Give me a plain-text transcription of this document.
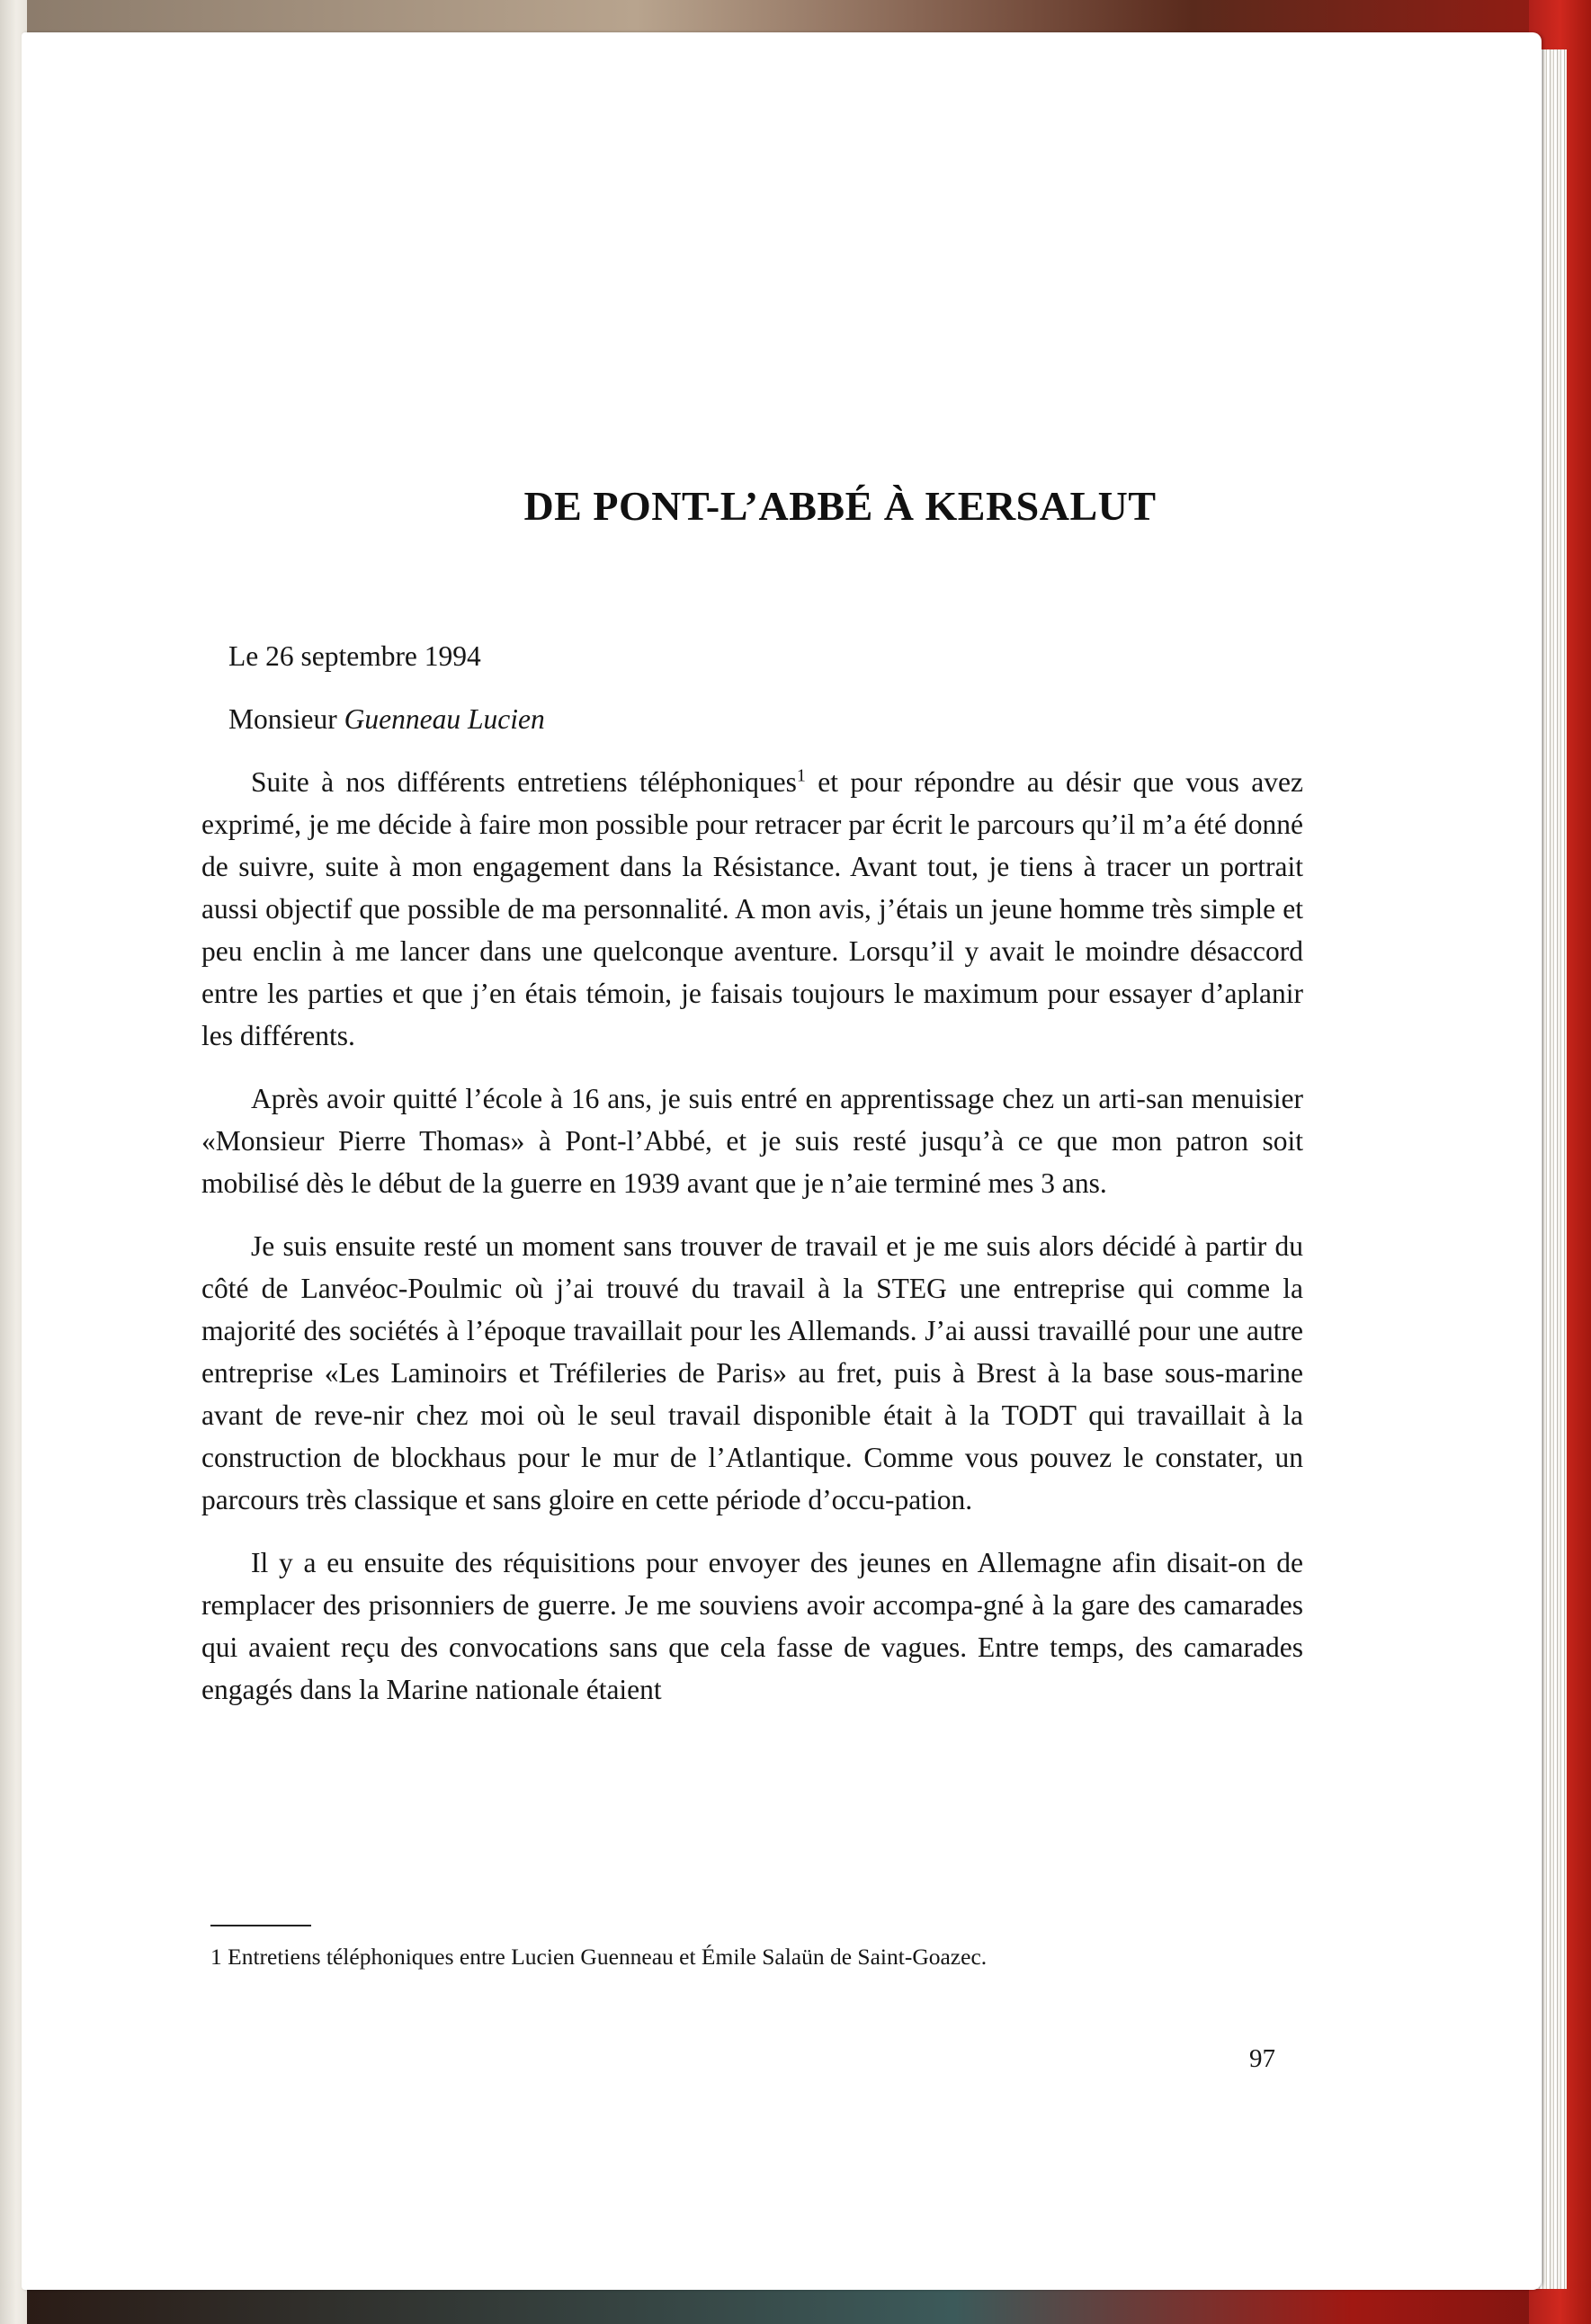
DE PONT-L’ABBÉ À KERSALUT

Le 26 septembre 1994

Monsieur Guenneau Lucien

Suite à nos différents entretiens téléphoniques$^1$ et pour répondre au désir que vous avez exprimé, je me décide à faire mon possible pour retracer par écrit le parcours qu’il m’a été donné de suivre, suite à mon engagement dans la Résistance. Avant tout, je tiens à tracer un portrait aussi objectif que possible de ma personnalité. A mon avis, j’étais un jeune homme très simple et peu enclin à me lancer dans une quelconque aventure. Lorsqu’il y avait le moindre désaccord entre les parties et que j’en étais témoin, je faisais toujours le maximum pour essayer d’aplanir les différents.

Après avoir quitté l’école à 16 ans, je suis entré en apprentissage chez un arti-san menuisier «Monsieur Pierre Thomas» à Pont-l’Abbé, et je suis resté jusqu’à ce que mon patron soit mobilisé dès le début de la guerre en 1939 avant que je n’aie terminé mes 3 ans.

Je suis ensuite resté un moment sans trouver de travail et je me suis alors décidé à partir du côté de Lanvéoc-Poulmic où j’ai trouvé du travail à la STEG une entreprise qui comme la majorité des sociétés à l’époque travaillait pour les Allemands. J’ai aussi travaillé pour une autre entreprise «Les Laminoirs et Tréfileries de Paris» au fret, puis à Brest à la base sous-marine avant de reve-nir chez moi où le seul travail disponible était à la TODT qui travaillait à la construction de blockhaus pour le mur de l’Atlantique. Comme vous pouvez le constater, un parcours très classique et sans gloire en cette période d’occu-pation.

Il y a eu ensuite des réquisitions pour envoyer des jeunes en Allemagne afin disait-on de remplacer des prisonniers de guerre. Je me souviens avoir accompa-gné à la gare des camarades qui avaient reçu des convocations sans que cela fasse de vagues. Entre temps, des camarades engagés dans la Marine nationale étaient

1 Entretiens téléphoniques entre Lucien Guenneau et Émile Salaün de Saint-Goazec.

97
